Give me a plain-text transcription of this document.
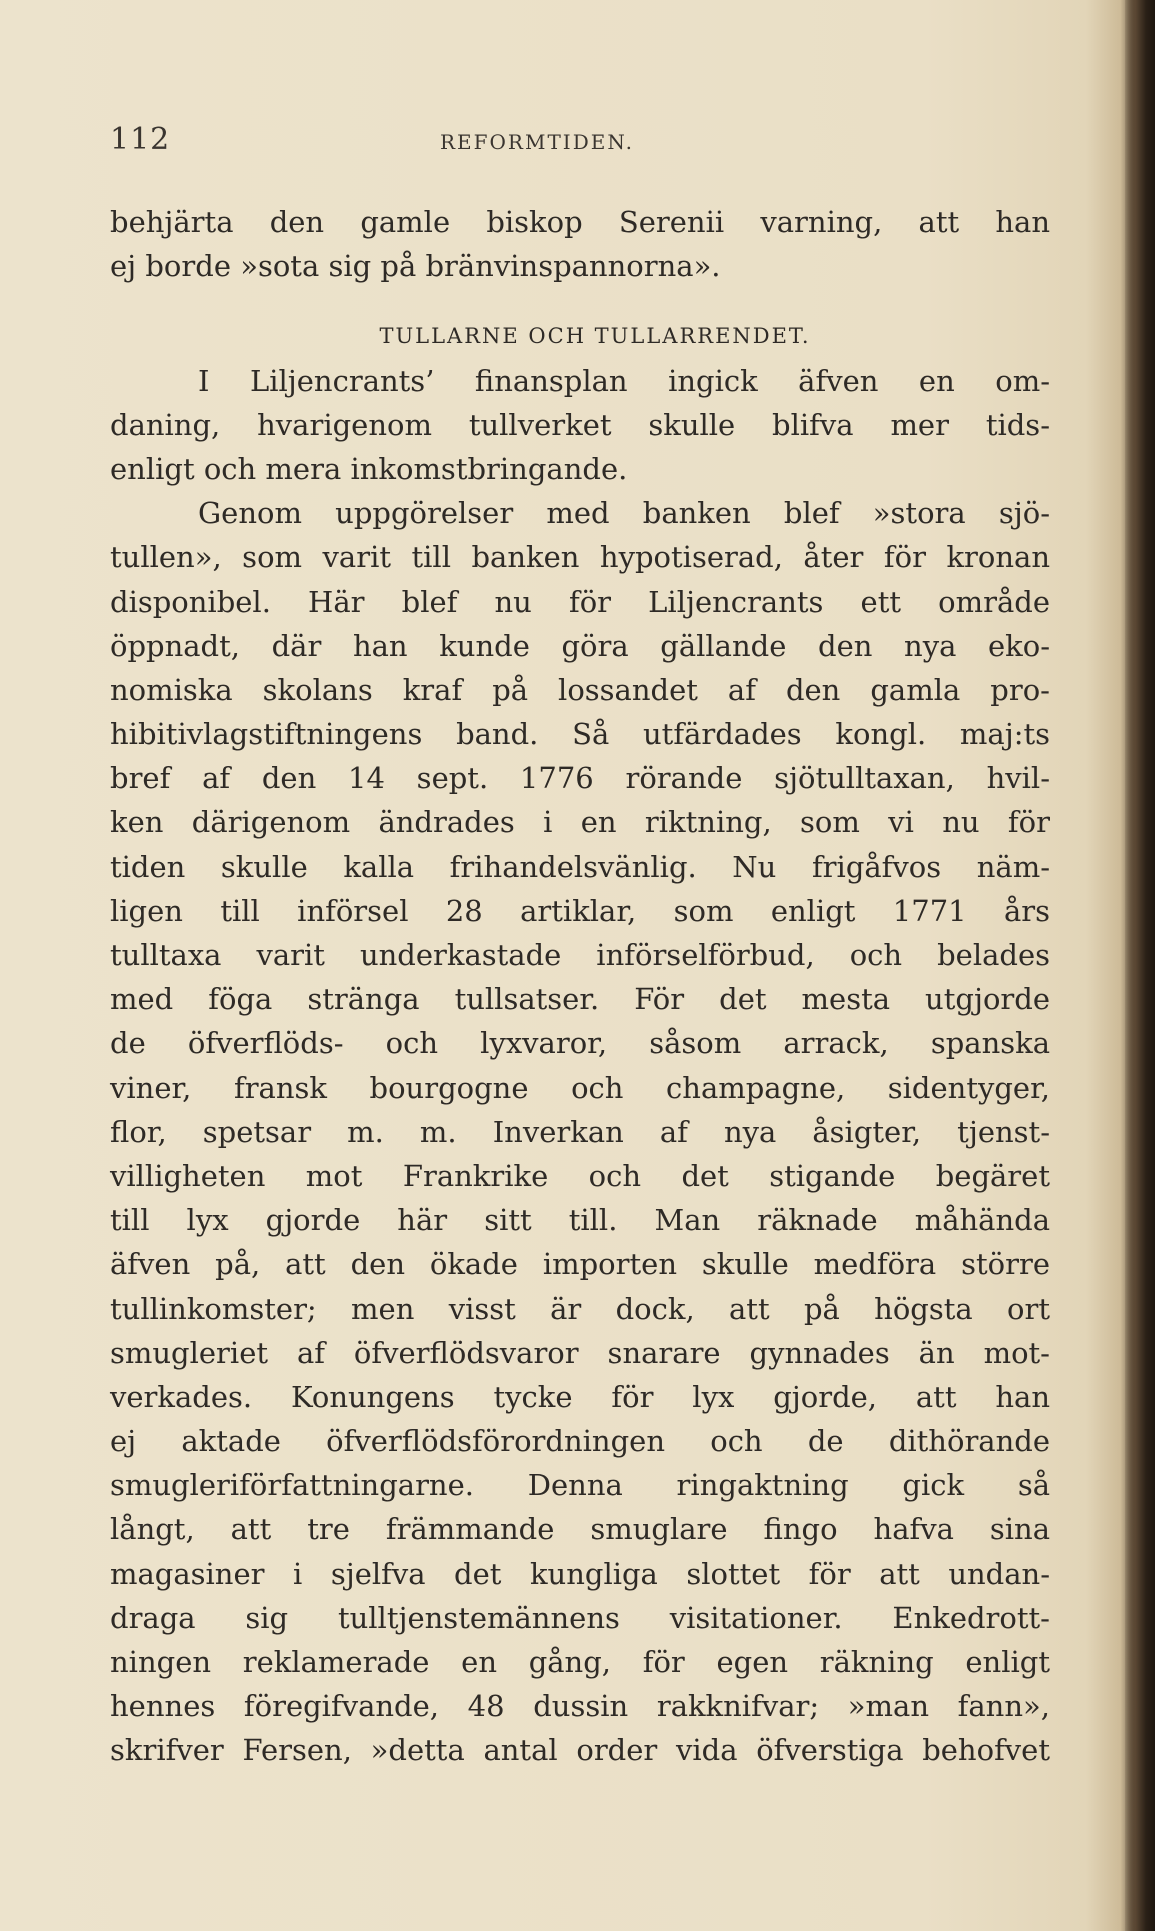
112	REFORMTIDEN.
behjärta den gamle biskop Serenii varning, att han
ej borde »sota sig på bränvinspannorna».
TULLARNE OCH TULLARRENDET.
I Liljencrants’ finansplan ingick äfven en om-
daning, hvarigenom tullverket skulle blifva mer tids-
enligt och mera inkomstbringande.
Genom uppgörelser med banken blef »stora sjö-
tullen», som varit till banken hypotiserad, åter för kronan
disponibel. Här blef nu för Liljencrants ett område
öppnadt, där han kunde göra gällande den nya eko-
nomiska skolans kraf på lossandet af den gamla pro-
hibitivlagstiftningens band. Så utfärdades kongl. maj:ts
bref af den 14 sept. 1776 rörande sjötulltaxan, hvil-
ken därigenom ändrades i en riktning, som vi nu för
tiden skulle kalla frihandelsvänlig. Nu frigåfvos näm-
ligen till införsel 28 artiklar, som enligt 1771 års
tulltaxa varit underkastade införselförbud, och belades
med föga stränga tullsatser. För det mesta utgjorde
de öfverflöds- och lyxvaror, såsom arrack, spanska
viner, fransk bourgogne och champagne, sidentyger,
flor, spetsar m. m. Inverkan af nya åsigter, tjenst-
villigheten mot Frankrike och det stigande begäret
till lyx gjorde här sitt till. Man räknade måhända
äfven på, att den ökade importen skulle medföra större
tullinkomster; men visst är dock, att på högsta ort
smugleriet af öfverflödsvaror snarare gynnades än mot-
verkades. Konungens tycke för lyx gjorde, att han
ej aktade öfverflödsförordningen och de dithörande
smugleriförfattningarne. Denna ringaktning gick så
långt, att tre främmande smuglare fingo hafva sina
magasiner i sjelfva det kungliga slottet för att undan-
draga sig tulltjenstemännens visitationer. Enkedrott-
ningen reklamerade en gång, för egen räkning enligt
hennes föregifvande, 48 dussin rakknifvar; »man fann»,
skrifver Fersen, »detta antal order vida öfverstiga behofvet
